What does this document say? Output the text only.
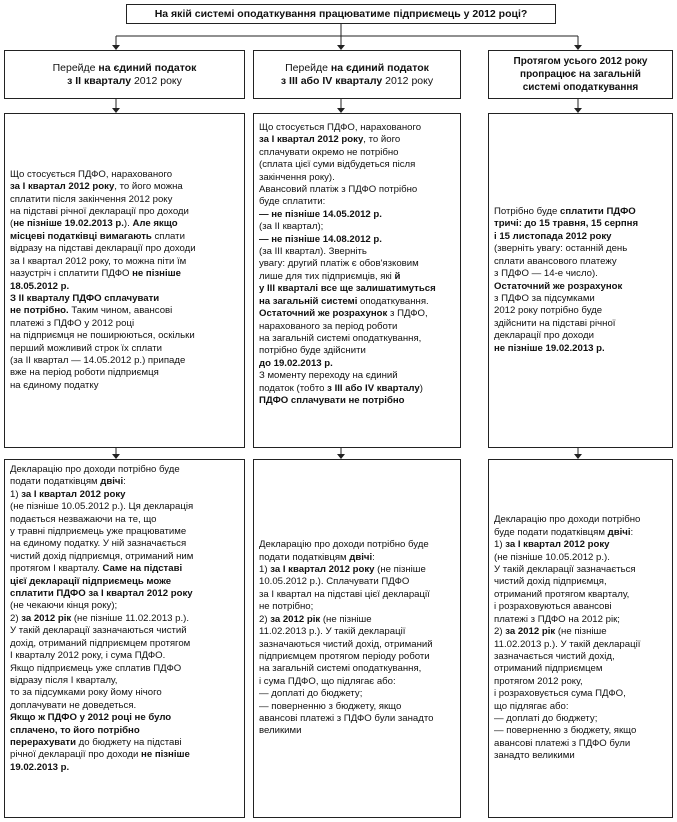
На якій системі оподаткування працюватиме підприємець у 2012 році?
Перейде на єдиний податок
з II кварталу 2012 року
Перейде на єдиний податок
з III або IV кварталу 2012 року
Протягом усього 2012 року
пропрацює на загальній
системі оподаткування
Що стосується ПДФО, нарахованого
за I квартал 2012 року, то його можна
сплатити після закінчення 2012 року
на підставі річної декларації про доходи
(не пізніше 19.02.2013 р.). Але якщо
місцеві податківці вимагають сплати
відразу на підставі декларації про доходи
за I квартал 2012 року, то можна піти їм
назустріч і сплатити ПДФО не пізніше
18.05.2012 р.
З II кварталу ПДФО сплачувати
не потрібно. Таким чином, авансові
платежі з ПДФО у 2012 році
на підприємця не поширюються, оскільки
перший можливий строк їх сплати
(за II квартал — 14.05.2012 р.) припаде
вже на період роботи підприємця
на єдиному податку
Що стосується ПДФО, нарахованого
за I квартал 2012 року, то його
сплачувати окремо не потрібно
(сплата цієї суми відбудеться після
закінчення року).
Авансовий платіж з ПДФО потрібно
буде сплатити:
— не пізніше 14.05.2012 р.
(за II квартал);
— не пізніше 14.08.2012 р.
(за III квартал). Зверніть
увагу: другий платіж є обов'язковим
лише для тих підприємців, які й
у III кварталі все ще залишатимуться
на загальній системі оподаткування.
Остаточний же розрахунок з ПДФО,
нарахованого за період роботи
на загальній системі оподаткування,
потрібно буде здійснити
до 19.02.2013 р.
З моменту переходу на єдиний
податок (тобто з III або IV кварталу)
ПДФО сплачувати не потрібно
Потрібно буде сплатити ПДФО
тричі: до 15 травня, 15 серпня
і 15 листопада 2012 року
(зверніть увагу: останній день
сплати авансового платежу
з ПДФО — 14-е число).
Остаточний же розрахунок
з ПДФО за підсумками
2012 року потрібно буде
здійснити на підставі річної
декларації про доходи
не пізніше 19.02.2013 р.
Декларацію про доходи потрібно буде
подати податківцям двічі:
1) за I квартал 2012 року
(не пізніше 10.05.2012 р.). Ця декларація
подається незважаючи на те, що
у травні підприємець уже працюватиме
на єдиному податку. У ній зазначається
чистий дохід підприємця, отриманий ним
протягом I кварталу. Саме на підставі
цієї декларації підприємець може
сплатити ПДФО за I квартал 2012 року
(не чекаючи кінця року);
2) за 2012 рік (не пізніше 11.02.2013 р.).
У такій декларації зазначаються чистий
дохід, отриманий підприємцем протягом
I кварталу 2012 року, і сума ПДФО.
Якщо підприємець уже сплатив ПДФО
відразу після I кварталу,
то за підсумками року йому нічого
доплачувати не доведеться.
Якщо ж ПДФО у 2012 році не було
сплачено, то його потрібно
перерахувати до бюджету на підставі
річної декларації про доходи не пізніше
19.02.2013 р.
Декларацію про доходи потрібно буде
подати податківцям двічі:
1) за I квартал 2012 року (не пізніше
10.05.2012 р.). Сплачувати ПДФО
за I квартал на підставі цієї декларації
не потрібно;
2) за 2012 рік (не пізніше
11.02.2013 р.). У такій декларації
зазначаються чистий дохід, отриманий
підприємцем протягом періоду роботи
на загальній системі оподаткування,
і сума ПДФО, що підлягає або:
— доплаті до бюджету;
— поверненню з бюджету, якщо
авансові платежі з ПДФО були занадто
великими
Декларацію про доходи потрібно
буде подати податківцям двічі:
1) за I квартал 2012 року
(не пізніше 10.05.2012 р.).
У такій декларації зазначається
чистий дохід підприємця,
отриманий протягом кварталу,
і розраховуються авансові
платежі з ПДФО на 2012 рік;
2) за 2012 рік (не пізніше
11.02.2013 р.). У такій декларації
зазначається чистий дохід,
отриманий підприємцем
протягом 2012 року,
і розраховується сума ПДФО,
що підлягає або:
— доплаті до бюджету;
— поверненню з бюджету, якщо
авансові платежі з ПДФО були
занадто великими
